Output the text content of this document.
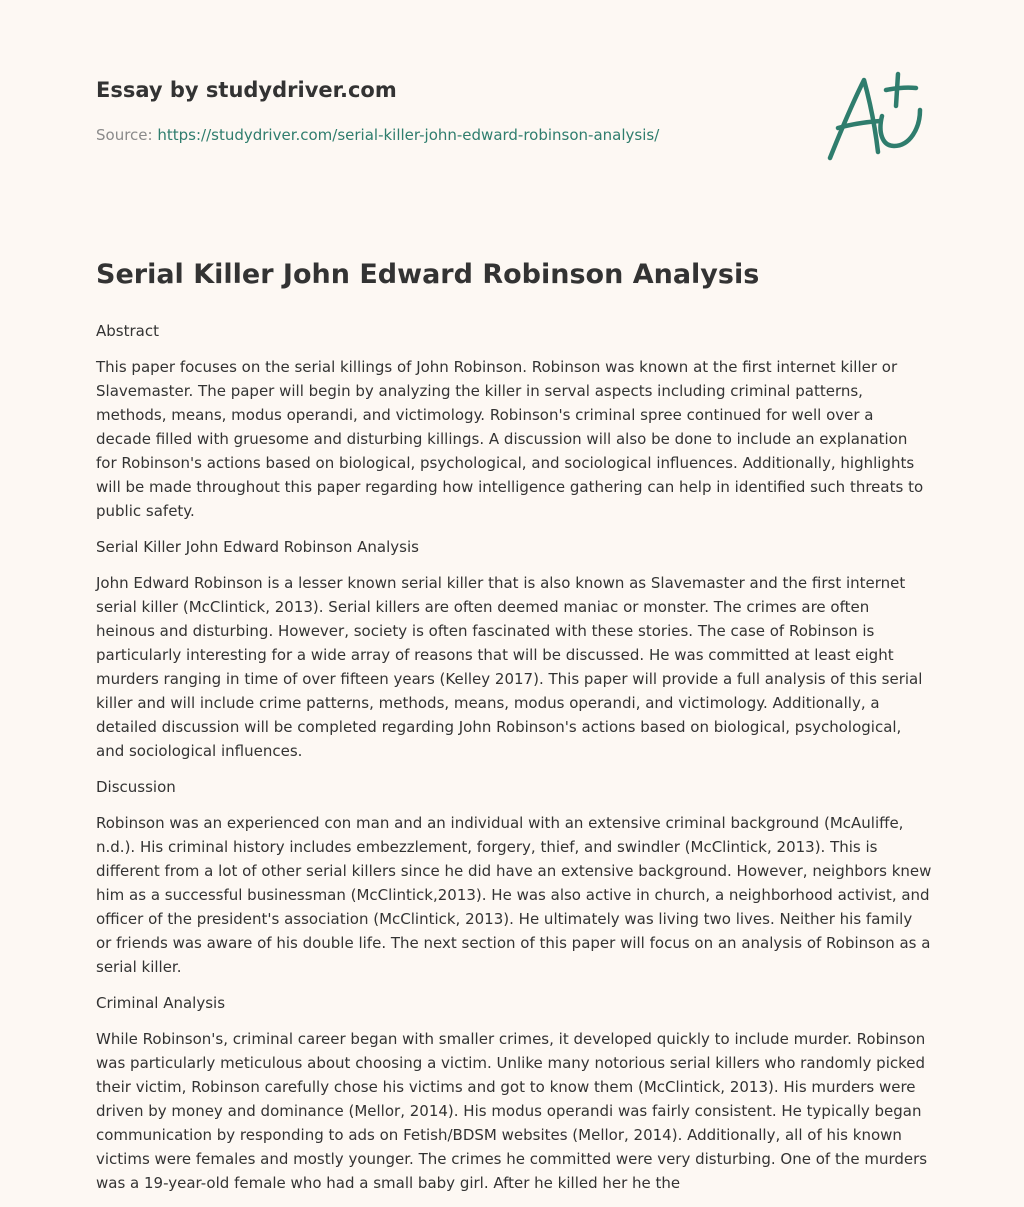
Essay by studydriver.com

Source: https://studydriver.com/serial-killer-john-edward-robinson-analysis/
Serial Killer John Edward Robinson Analysis

Abstract

This paper focuses on the serial killings of John Robinson. Robinson was known at the first internet killer or Slavemaster. The paper will begin by analyzing the killer in serval aspects including criminal patterns, methods, means, modus operandi, and victimology. Robinson's criminal spree continued for well over a decade filled with gruesome and disturbing killings. A discussion will also be done to include an explanation for Robinson's actions based on biological, psychological, and sociological influences. Additionally, highlights will be made throughout this paper regarding how intelligence gathering can help in identified such threats to public safety.

Serial Killer John Edward Robinson Analysis

John Edward Robinson is a lesser known serial killer that is also known as Slavemaster and the first internet serial killer (McClintick, 2013). Serial killers are often deemed maniac or monster. The crimes are often heinous and disturbing. However, society is often fascinated with these stories. The case of Robinson is particularly interesting for a wide array of reasons that will be discussed. He was committed at least eight murders ranging in time of over fifteen years (Kelley 2017). This paper will provide a full analysis of this serial killer and will include crime patterns, methods, means, modus operandi, and victimology. Additionally, a detailed discussion will be completed regarding John Robinson's actions based on biological, psychological, and sociological influences.

Discussion

Robinson was an experienced con man and an individual with an extensive criminal background (McAuliffe, n.d.). His criminal history includes embezzlement, forgery, thief, and swindler (McClintick, 2013). This is different from a lot of other serial killers since he did have an extensive background. However, neighbors knew him as a successful businessman (McClintick,2013). He was also active in church, a neighborhood activist, and officer of the president's association (McClintick, 2013). He ultimately was living two lives. Neither his family or friends was aware of his double life. The next section of this paper will focus on an analysis of Robinson as a serial killer.

Criminal Analysis

While Robinson's, criminal career began with smaller crimes, it developed quickly to include murder. Robinson was particularly meticulous about choosing a victim. Unlike many notorious serial killers who randomly picked their victim, Robinson carefully chose his victims and got to know them (McClintick, 2013). His murders were driven by money and dominance (Mellor, 2014). His modus operandi was fairly consistent. He typically began communication by responding to ads on Fetish/BDSM websites (Mellor, 2014). Additionally, all of his known victims were females and mostly younger. The crimes he committed were very disturbing. One of the murders was a 19-year-old female who had a small baby girl. After he killed her he the
